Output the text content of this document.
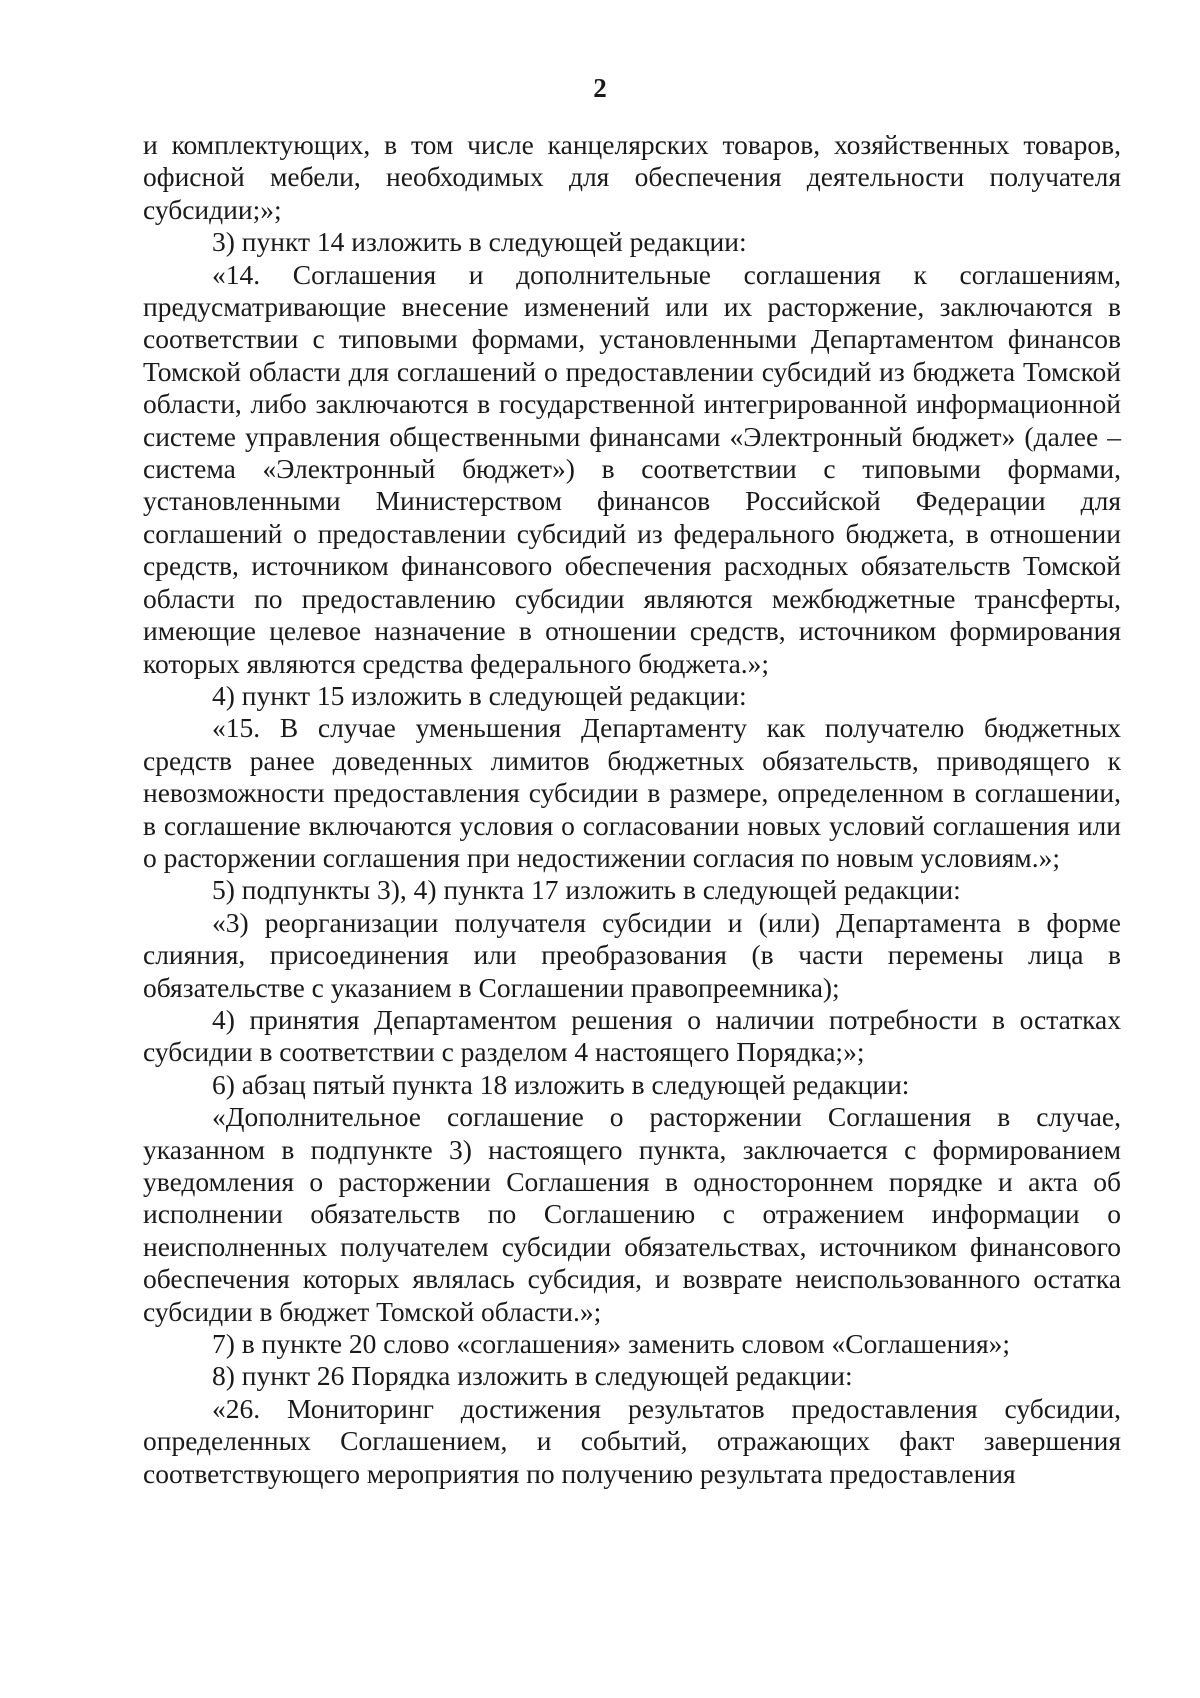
2

и комплектующих, в том числе канцелярских товаров, хозяйственных товаров, офисной мебели, необходимых для обеспечения деятельности получателя субсидии;»;

3) пункт 14 изложить в следующей редакции:

«14. Соглашения и дополнительные соглашения к соглашениям, предусматривающие внесение изменений или их расторжение, заключаются в соответствии с типовыми формами, установленными Департаментом финансов Томской области для соглашений о предоставлении субсидий из бюджета Томской области, либо заключаются в государственной интегрированной информационной системе управления общественными финансами «Электронный бюджет» (далее – система «Электронный бюджет») в соответствии с типовыми формами, установленными Министерством финансов Российской Федерации для соглашений о предоставлении субсидий из федерального бюджета, в отношении средств, источником финансового обеспечения расходных обязательств Томской области по предоставлению субсидии являются межбюджетные трансферты, имеющие целевое назначение в отношении средств, источником формирования которых являются средства федерального бюджета.»;

4) пункт 15 изложить в следующей редакции:

«15. В случае уменьшения Департаменту как получателю бюджетных средств ранее доведенных лимитов бюджетных обязательств, приводящего к невозможности предоставления субсидии в размере, определенном в соглашении, в соглашение включаются условия о согласовании новых условий соглашения или о расторжении соглашения при недостижении согласия по новым условиям.»;

5) подпункты 3), 4) пункта 17 изложить в следующей редакции:

«3) реорганизации получателя субсидии и (или) Департамента в форме слияния, присоединения или преобразования (в части перемены лица в обязательстве с указанием в Соглашении правопреемника);

4) принятия Департаментом решения о наличии потребности в остатках субсидии в соответствии с разделом 4 настоящего Порядка;»;

6) абзац пятый пункта 18 изложить в следующей редакции:

«Дополнительное соглашение о расторжении Соглашения в случае, указанном в подпункте 3) настоящего пункта, заключается с формированием уведомления о расторжении Соглашения в одностороннем порядке и акта об исполнении обязательств по Соглашению с отражением информации о неисполненных получателем субсидии обязательствах, источником финансового обеспечения которых являлась субсидия, и возврате неиспользованного остатка субсидии в бюджет Томской области.»;

7) в пункте 20 слово «соглашения» заменить словом «Соглашения»;

8) пункт 26 Порядка изложить в следующей редакции:

«26. Мониторинг достижения результатов предоставления субсидии, определенных Соглашением, и событий, отражающих факт завершения соответствующего мероприятия по получению результата предоставления
